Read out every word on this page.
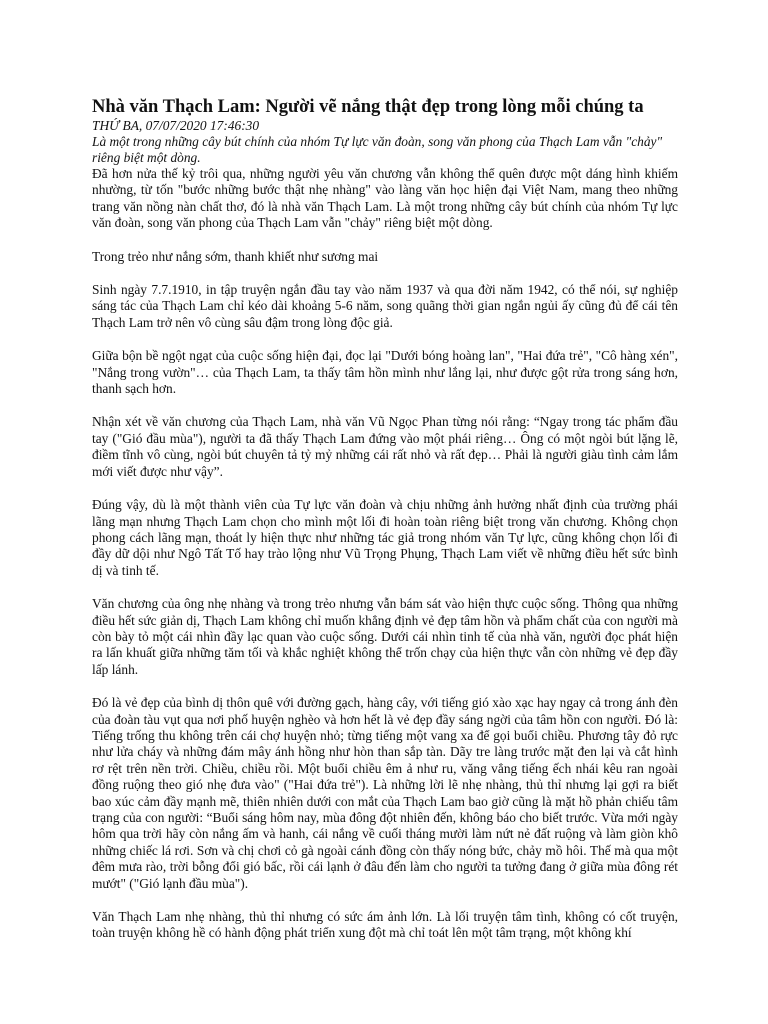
Nhà văn Thạch Lam: Người vẽ nắng thật đẹp trong lòng mỗi chúng ta

THỨ BA, 07/07/2020 17:46:30

Là một trong những cây bút chính của nhóm Tự lực văn đoàn, song văn phong của Thạch Lam vẫn "chảy" riêng biệt một dòng.

Đã hơn nửa thế kỷ trôi qua, những người yêu văn chương vẫn không thể quên được một dáng hình khiếm nhường, từ tốn "bước những bước thật nhẹ nhàng" vào làng văn học hiện đại Việt Nam, mang theo những trang văn nồng nàn chất thơ, đó là nhà văn Thạch Lam. Là một trong những cây bút chính của nhóm Tự lực văn đoàn, song văn phong của Thạch Lam vẫn "chảy" riêng biệt một dòng.

Trong trẻo như nắng sớm, thanh khiết như sương mai

Sinh ngày 7.7.1910, in tập truyện ngắn đầu tay vào năm 1937 và qua đời năm 1942, có thể nói, sự nghiệp sáng tác của Thạch Lam chỉ kéo dài khoảng 5-6 năm, song quãng thời gian ngắn ngủi ấy cũng đủ để cái tên Thạch Lam trở nên vô cùng sâu đậm trong lòng độc giả.

Giữa bộn bề ngột ngạt của cuộc sống hiện đại, đọc lại "Dưới bóng hoàng lan", "Hai đứa trẻ", "Cô hàng xén", "Nắng trong vườn"… của Thạch Lam, ta thấy tâm hồn mình như lắng lại, như được gột rửa trong sáng hơn, thanh sạch hơn.

Nhận xét về văn chương của Thạch Lam, nhà văn Vũ Ngọc Phan từng nói rằng: “Ngay trong tác phẩm đầu tay ("Gió đầu mùa"), người ta đã thấy Thạch Lam đứng vào một phái riêng… Ông có một ngòi bút lặng lẽ, điềm tĩnh vô cùng, ngòi bút chuyên tả tỷ mỷ những cái rất nhỏ và rất đẹp… Phải là người giàu tình cảm lắm mới viết được như vậy”.

Đúng vậy, dù là một thành viên của Tự lực văn đoàn và chịu những ảnh hưởng nhất định của trường phái lãng mạn nhưng Thạch Lam chọn cho mình một lối đi hoàn toàn riêng biệt trong văn chương. Không chọn phong cách lãng mạn, thoát ly hiện thực như những tác giả trong nhóm văn Tự lực, cũng không chọn lối đi đầy dữ dội như Ngô Tất Tố hay trào lộng như Vũ Trọng Phụng, Thạch Lam viết về những điều hết sức bình dị và tinh tế.

Văn chương của ông nhẹ nhàng và trong trẻo nhưng vẫn bám sát vào hiện thực cuộc sống. Thông qua những điều hết sức giản dị, Thạch Lam không chỉ muốn khẳng định vẻ đẹp tâm hồn và phẩm chất của con người mà còn bày tỏ một cái nhìn đầy lạc quan vào cuộc sống. Dưới cái nhìn tinh tế của nhà văn, người đọc phát hiện ra lấn khuất giữa những tăm tối và khắc nghiệt không thể trốn chạy của hiện thực vẫn còn những vẻ đẹp đầy lấp lánh.

Đó là vẻ đẹp của bình dị thôn quê với đường gạch, hàng cây, với tiếng gió xào xạc hay ngay cả trong ánh đèn của đoàn tàu vụt qua nơi phố huyện nghèo và hơn hết là vẻ đẹp đầy sáng ngời của tâm hồn con người. Đó là: Tiếng trống thu không trên cái chợ huyện nhỏ; từng tiếng một vang xa để gọi buổi chiều. Phương tây đỏ rực như lửa cháy và những đám mây ánh hồng như hòn than sắp tàn. Dãy tre làng trước mặt đen lại và cắt hình rơ rệt trên nền trời. Chiều, chiều rồi. Một buổi chiều êm ả như ru, văng vẳng tiếng ếch nhái kêu ran ngoài đồng ruộng theo gió nhẹ đưa vào" ("Hai đứa trẻ"). Là những lời lẽ nhẹ nhàng, thủ thỉ nhưng lại gợi ra biết bao xúc cảm đầy mạnh mẽ, thiên nhiên dưới con mắt của Thạch Lam bao giờ cũng là mặt hồ phản chiếu tâm trạng của con người: “Buổi sáng hôm nay, mùa đông đột nhiên đến, không báo cho biết trước. Vừa mới ngày hôm qua trời hãy còn nắng ấm và hanh, cái nắng về cuối tháng mười làm nứt nẻ đất ruộng và làm giòn khô những chiếc lá rơi. Sơn và chị chơi cỏ gà ngoài cánh đồng còn thấy nóng bức, chảy mồ hôi. Thế mà qua một đêm mưa rào, trời bỗng đổi gió bấc, rồi cái lạnh ở đâu đến làm cho người ta tưởng đang ở giữa mùa đông rét mướt" ("Gió lạnh đầu mùa").

Văn Thạch Lam nhẹ nhàng, thủ thỉ nhưng có sức ám ảnh lớn. Là lối truyện tâm tình, không có cốt truyện, toàn truyện không hề có hành động phát triển xung đột mà chỉ toát lên một tâm trạng, một không khí
